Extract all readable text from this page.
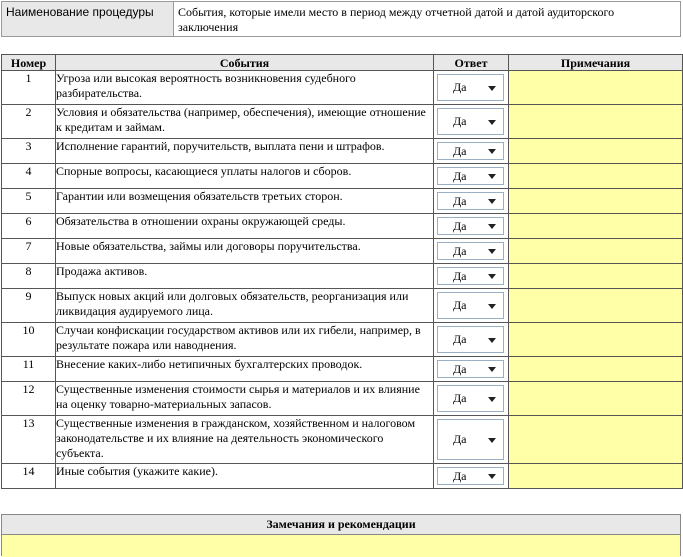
Наименование процедуры	События, которые имели место в период между отчетной датой и датой аудиторского заключения
Номер	События	Ответ	Примечания
1	Угроза или высокая вероятность возникновения судебного разбирательства.	Да	

2	Условия и обязательства (например, обеспечения), имеющие отношение к кредитам и займам.	Да	

3	Исполнение гарантий, поручительств, выплата пени и штрафов.	Да	

4	Спорные вопросы, касающиеся уплаты налогов и сборов.	Да	

5	Гарантии или возмещения обязательств третьих сторон.	Да	

6	Обязательства в отношении охраны окружающей среды.	Да	

7	Новые обязательства, займы или договоры поручительства.	Да	

8	Продажа активов.	Да	

9	Выпуск новых акций или долговых обязательств, реорганизация или ликвидация аудируемого лица.	Да	

10	Случаи конфискации государством активов или их гибели, например, в результате пожара или наводнения.	Да	

11	Внесение каких-либо нетипичных бухгалтерских проводок.	Да	

12	Существенные изменения стоимости сырья и материалов и их влияние на оценку товарно-материальных запасов.	Да	

13	Существенные изменения в гражданском, хозяйственном и налоговом законодательстве и их влияние на деятельность экономического субъекта.	Да	

14	Иные события (укажите какие).	Да	

Замечания и рекомендации
